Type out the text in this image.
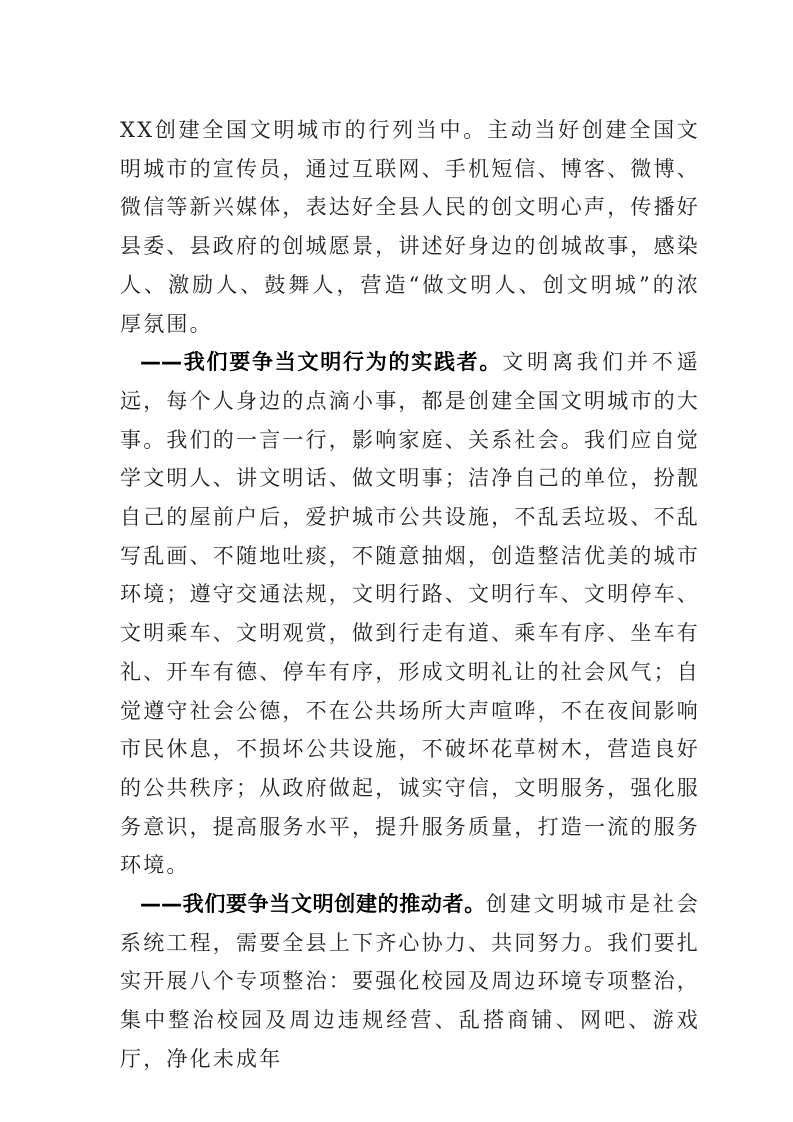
XX创建全国文明城市的行列当中。主动当好创建全国文明城市的宣传员，通过互联网、手机短信、博客、微博、微信等新兴媒体，表达好全县人民的创文明心声，传播好县委、县政府的创城愿景，讲述好身边的创城故事，感染人、激励人、鼓舞人，营造“做文明人、创文明城”的浓厚氛围。

——我们要争当文明行为的实践者。文明离我们并不遥远，每个人身边的点滴小事，都是创建全国文明城市的大事。我们的一言一行，影响家庭、关系社会。我们应自觉学文明人、讲文明话、做文明事；洁净自己的单位，扮靓自己的屋前户后，爱护城市公共设施，不乱丢垃圾、不乱写乱画、不随地吐痰，不随意抽烟，创造整洁优美的城市环境；遵守交通法规，文明行路、文明行车、文明停车、文明乘车、文明观赏，做到行走有道、乘车有序、坐车有礼、开车有德、停车有序，形成文明礼让的社会风气；自觉遵守社会公德，不在公共场所大声喧哗，不在夜间影响市民休息，不损坏公共设施，不破坏花草树木，营造良好的公共秩序；从政府做起，诚实守信，文明服务，强化服务意识，提高服务水平，提升服务质量，打造一流的服务环境。

——我们要争当文明创建的推动者。创建文明城市是社会系统工程，需要全县上下齐心协力、共同努力。我们要扎实开展八个专项整治：要强化校园及周边环境专项整治，集中整治校园及周边违规经营、乱搭商铺、网吧、游戏厅，净化未成年
